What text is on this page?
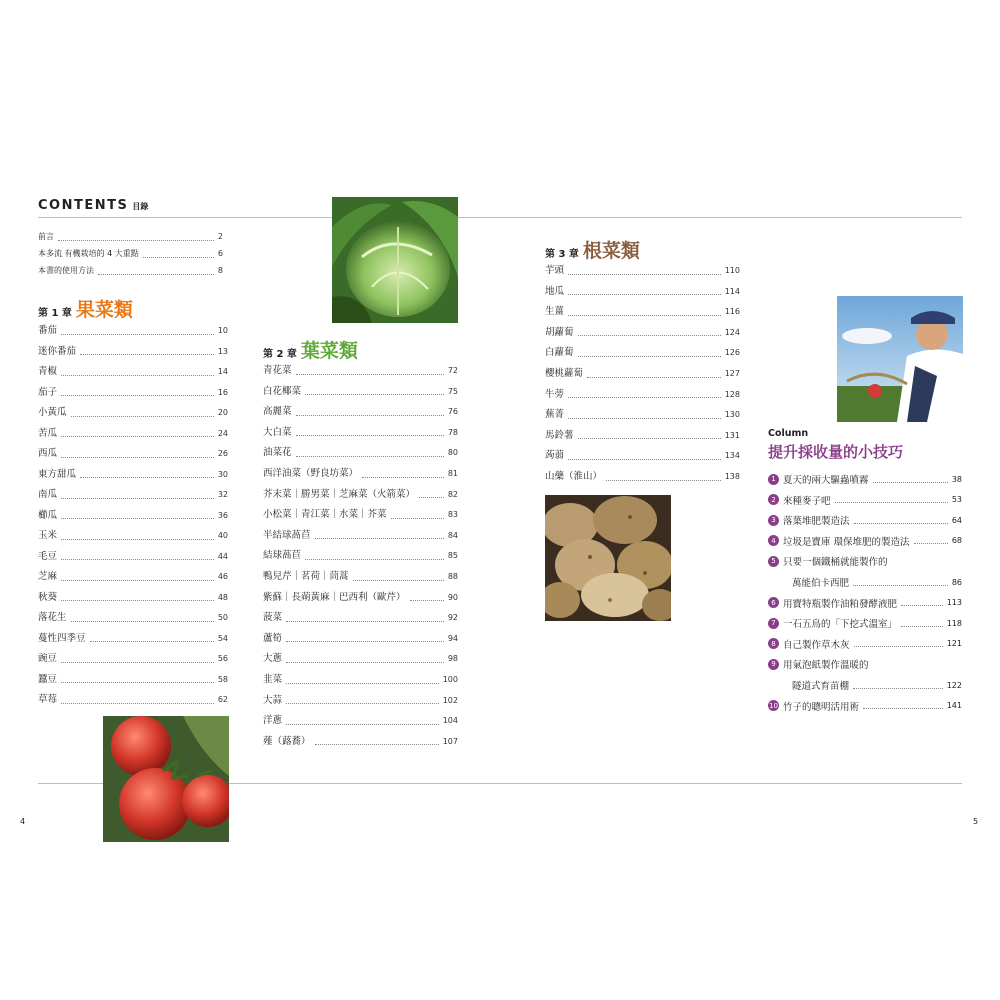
CONTENTS 目錄
4	5
前言	2
本多流 有機栽培的 4 大重點	6
本書的使用方法	8
第 1 章 果菜類
第 2 章 葉菜類
第 3 章 根菜類
番茄	10
迷你番茄	13
青椒	14
茄子	16
小黃瓜	20
苦瓜	24
西瓜	26
東方甜瓜	30
南瓜	32
櫛瓜	36
玉米	40
毛豆	44
芝麻	46
秋葵	48
落花生	50
蔓性四季豆	54
豌豆	56
蠶豆	58
草莓	62
青花菜	72
白花椰菜	75
高麗菜	76
大白菜	78
油菜花	80
西洋油菜（野良坊菜）	81
芥末菜｜勝男菜｜芝麻菜（火箭菜）	82
小松菜｜青江菜｜水菜｜芥菜	83
半結球萵苣	84
結球萵苣	85
鴨兒芹｜茗荷｜茼蒿	88
紫蘇｜長蒴黃麻｜巴西利（歐芹）	90
菠菜	92
蘆筍	94
大蔥	98
韭菜	100
大蒜	102
洋蔥	104
薤（蕗蕎）	107
芋頭	110
地瓜	114
生薑	116
胡蘿蔔	124
白蘿蔔	126
櫻桃蘿蔔	127
牛蒡	128
蕪菁	130
馬鈴薯	131
蒟蒻	134
山藥（淮山）	138
Column
提升採收量的小技巧
1 夏天的兩大驅蟲噴霧	38
2 來種麥子吧	53
3 落葉堆肥製造法	64
4 垃圾是寶庫 環保堆肥的製造法	68
5 只要一個鐵桶就能製作的
萬能伯卡西肥	86
6 用寶特瓶製作油粕發酵液肥	113
7 一石五鳥的「下挖式溫室」	118
8 自己製作草木灰	121
9 用氣泡紙製作溫暖的
隧道式育苗棚	122
10 竹子的聰明活用術	141
